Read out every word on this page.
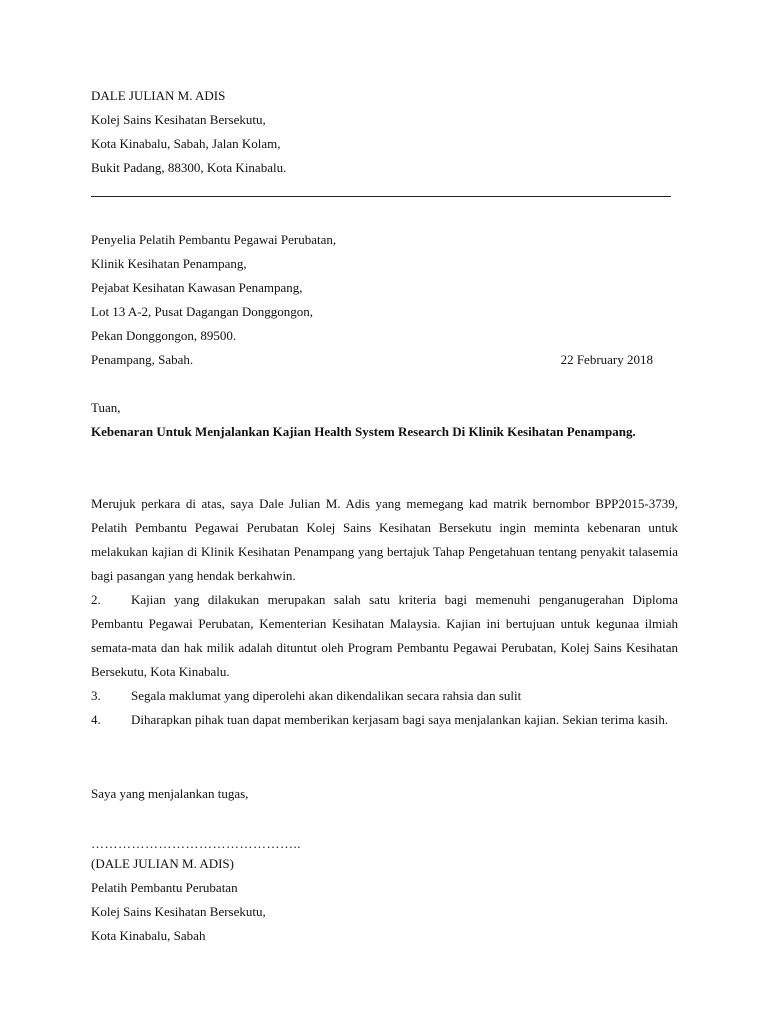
DALE JULIAN M. ADIS
Kolej Sains Kesihatan Bersekutu,
Kota Kinabalu, Sabah, Jalan Kolam,
Bukit Padang, 88300, Kota Kinabalu.
Penyelia Pelatih Pembantu Pegawai Perubatan,
Klinik Kesihatan Penampang,
Pejabat Kesihatan Kawasan Penampang,
Lot 13 A-2, Pusat Dagangan Donggongon,
Pekan Donggongon, 89500.
Penampang, Sabah.	22 February 2018
Tuan,
Kebenaran Untuk Menjalankan Kajian Health System Research Di Klinik Kesihatan Penampang.
Merujuk perkara di atas, saya Dale Julian M. Adis yang memegang kad matrik bernombor BPP2015-3739, Pelatih Pembantu Pegawai Perubatan Kolej Sains Kesihatan Bersekutu ingin meminta kebenaran untuk melakukan kajian di Klinik Kesihatan Penampang yang bertajuk Tahap Pengetahuan tentang penyakit talasemia bagi pasangan yang hendak berkahwin.
2. Kajian yang dilakukan merupakan salah satu kriteria bagi memenuhi penganugerahan Diploma Pembantu Pegawai Perubatan, Kementerian Kesihatan Malaysia. Kajian ini bertujuan untuk kegunaa ilmiah semata-mata dan hak milik adalah dituntut oleh Program Pembantu Pegawai Perubatan, Kolej Sains Kesihatan Bersekutu, Kota Kinabalu.
3. Segala maklumat yang diperolehi akan dikendalikan secara rahsia dan sulit
4. Diharapkan pihak tuan dapat memberikan kerjasam bagi saya menjalankan kajian. Sekian terima kasih.
Saya yang menjalankan tugas,
………………………………………..
(DALE JULIAN M. ADIS)
Pelatih Pembantu Perubatan
Kolej Sains Kesihatan Bersekutu,
Kota Kinabalu, Sabah
